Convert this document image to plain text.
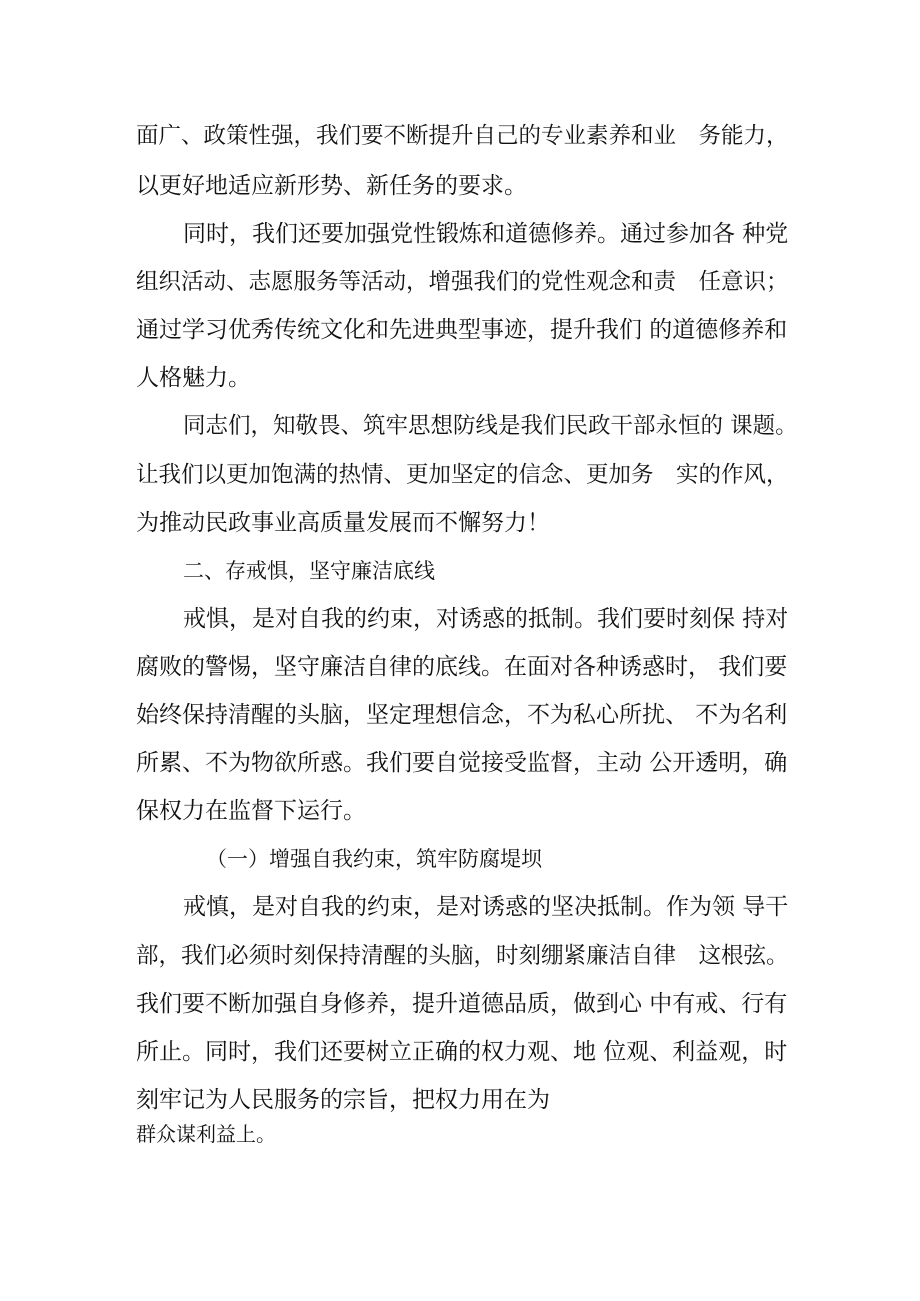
面广、政策性强，我们要不断提升自己的专业素养和业　务能力，
以更好地适应新形势、新任务的要求。
同时，我们还要加强党性锻炼和道德修养。通过参加各 种党
组织活动、志愿服务等活动，增强我们的党性观念和责　任意识；
通过学习优秀传统文化和先进典型事迹，提升我们 的道德修养和
人格魅力。
同志们，知敬畏、筑牢思想防线是我们民政干部永恒的 课题。
让我们以更加饱满的热情、更加坚定的信念、更加务　实的作风，
为推动民政事业高质量发展而不懈努力！
二、存戒惧，坚守廉洁底线
戒惧，是对自我的约束，对诱惑的抵制。我们要时刻保 持对
腐败的警惕，坚守廉洁自律的底线。在面对各种诱惑时， 我们要
始终保持清醒的头脑，坚定理想信念，不为私心所扰、 不为名利
所累、不为物欲所惑。我们要自觉接受监督，主动 公开透明，确
保权力在监督下运行。
（一）增强自我约束，筑牢防腐堤坝
戒慎，是对自我的约束，是对诱惑的坚决抵制。作为领 导干
部，我们必须时刻保持清醒的头脑，时刻绷紧廉洁自律　这根弦。
我们要不断加强自身修养，提升道德品质，做到心 中有戒、行有
所止。同时，我们还要树立正确的权力观、地 位观、利益观，时
刻牢记为人民服务的宗旨，把权力用在为
群众谋利益上。
